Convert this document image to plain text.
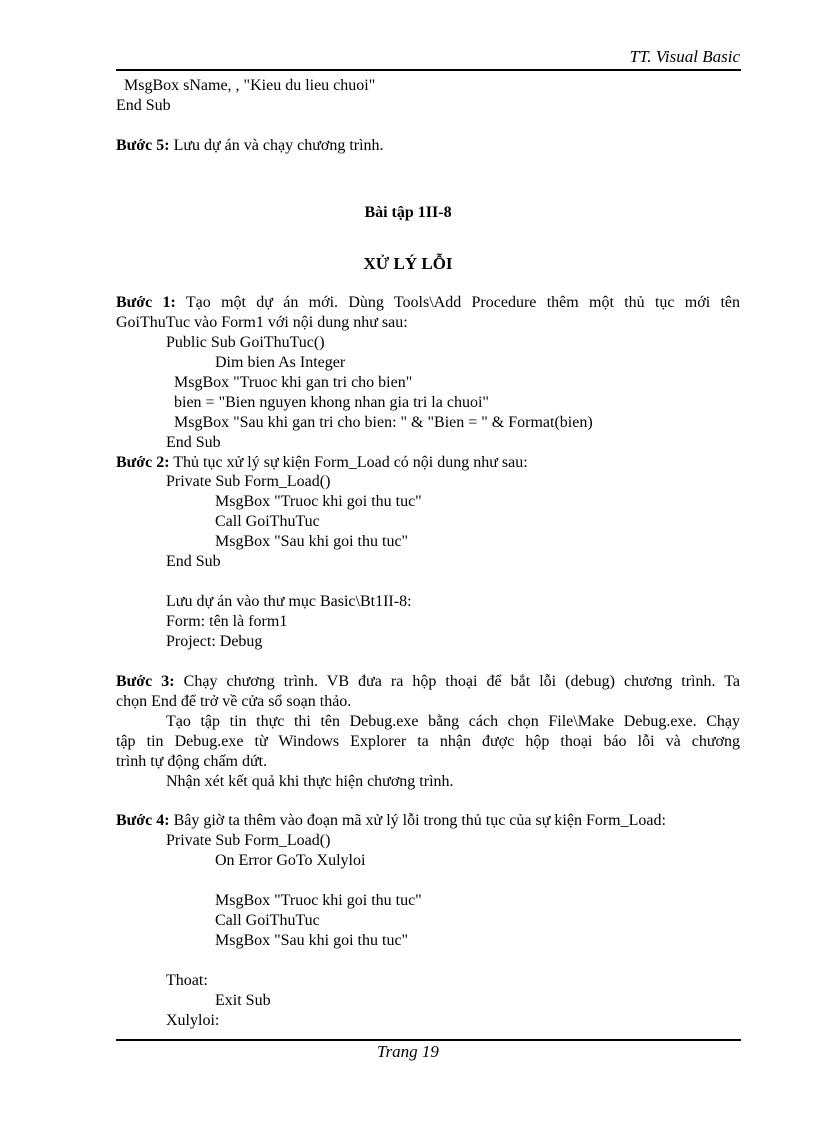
TT. Visual Basic
MsgBox sName, , "Kieu du lieu chuoi"
End Sub
Bước 5: Lưu dự án và chạy chương trình.
Bài tập 1II-8
XỬ LÝ LỖI
Bước 1: Tạo một dự án mới. Dùng Tools\Add Procedure thêm một thủ tục mới tên
GoiThuTuc vào Form1 với nội dung như sau:
Public Sub GoiThuTuc()
Dim bien As Integer
MsgBox "Truoc khi gan tri cho bien"
bien = "Bien nguyen khong nhan gia tri la chuoi"
MsgBox "Sau khi gan tri cho bien: " & "Bien = " & Format(bien)
End Sub
Bước 2: Thủ tục xử lý sự kiện Form_Load có nội dung như sau:
Private Sub Form_Load()
MsgBox "Truoc khi goi thu tuc"
Call GoiThuTuc
MsgBox "Sau khi goi thu tuc"
End Sub
Lưu dự án vào thư mục Basic\Bt1II-8:
Form: tên là form1
Project: Debug
Bước 3: Chạy chương trình. VB đưa ra hộp thoại để bắt lỗi (debug) chương trình. Ta
chọn End để trở về cửa sổ soạn thảo.
Tạo tập tin thực thi tên Debug.exe bằng cách chọn File\Make Debug.exe. Chạy
tập tin Debug.exe từ Windows Explorer ta nhận được hộp thoại báo lỗi và chương
trình tự động chấm dứt.
Nhận xét kết quả khi thực hiện chương trình.
Bước 4: Bây giờ ta thêm vào đoạn mã xử lý lỗi trong thủ tục của sự kiện Form_Load:
Private Sub Form_Load()
On Error GoTo Xulyloi
MsgBox "Truoc khi goi thu tuc"
Call GoiThuTuc
MsgBox "Sau khi goi thu tuc"
Thoat:
Exit Sub
Xulyloi:
Trang 19
